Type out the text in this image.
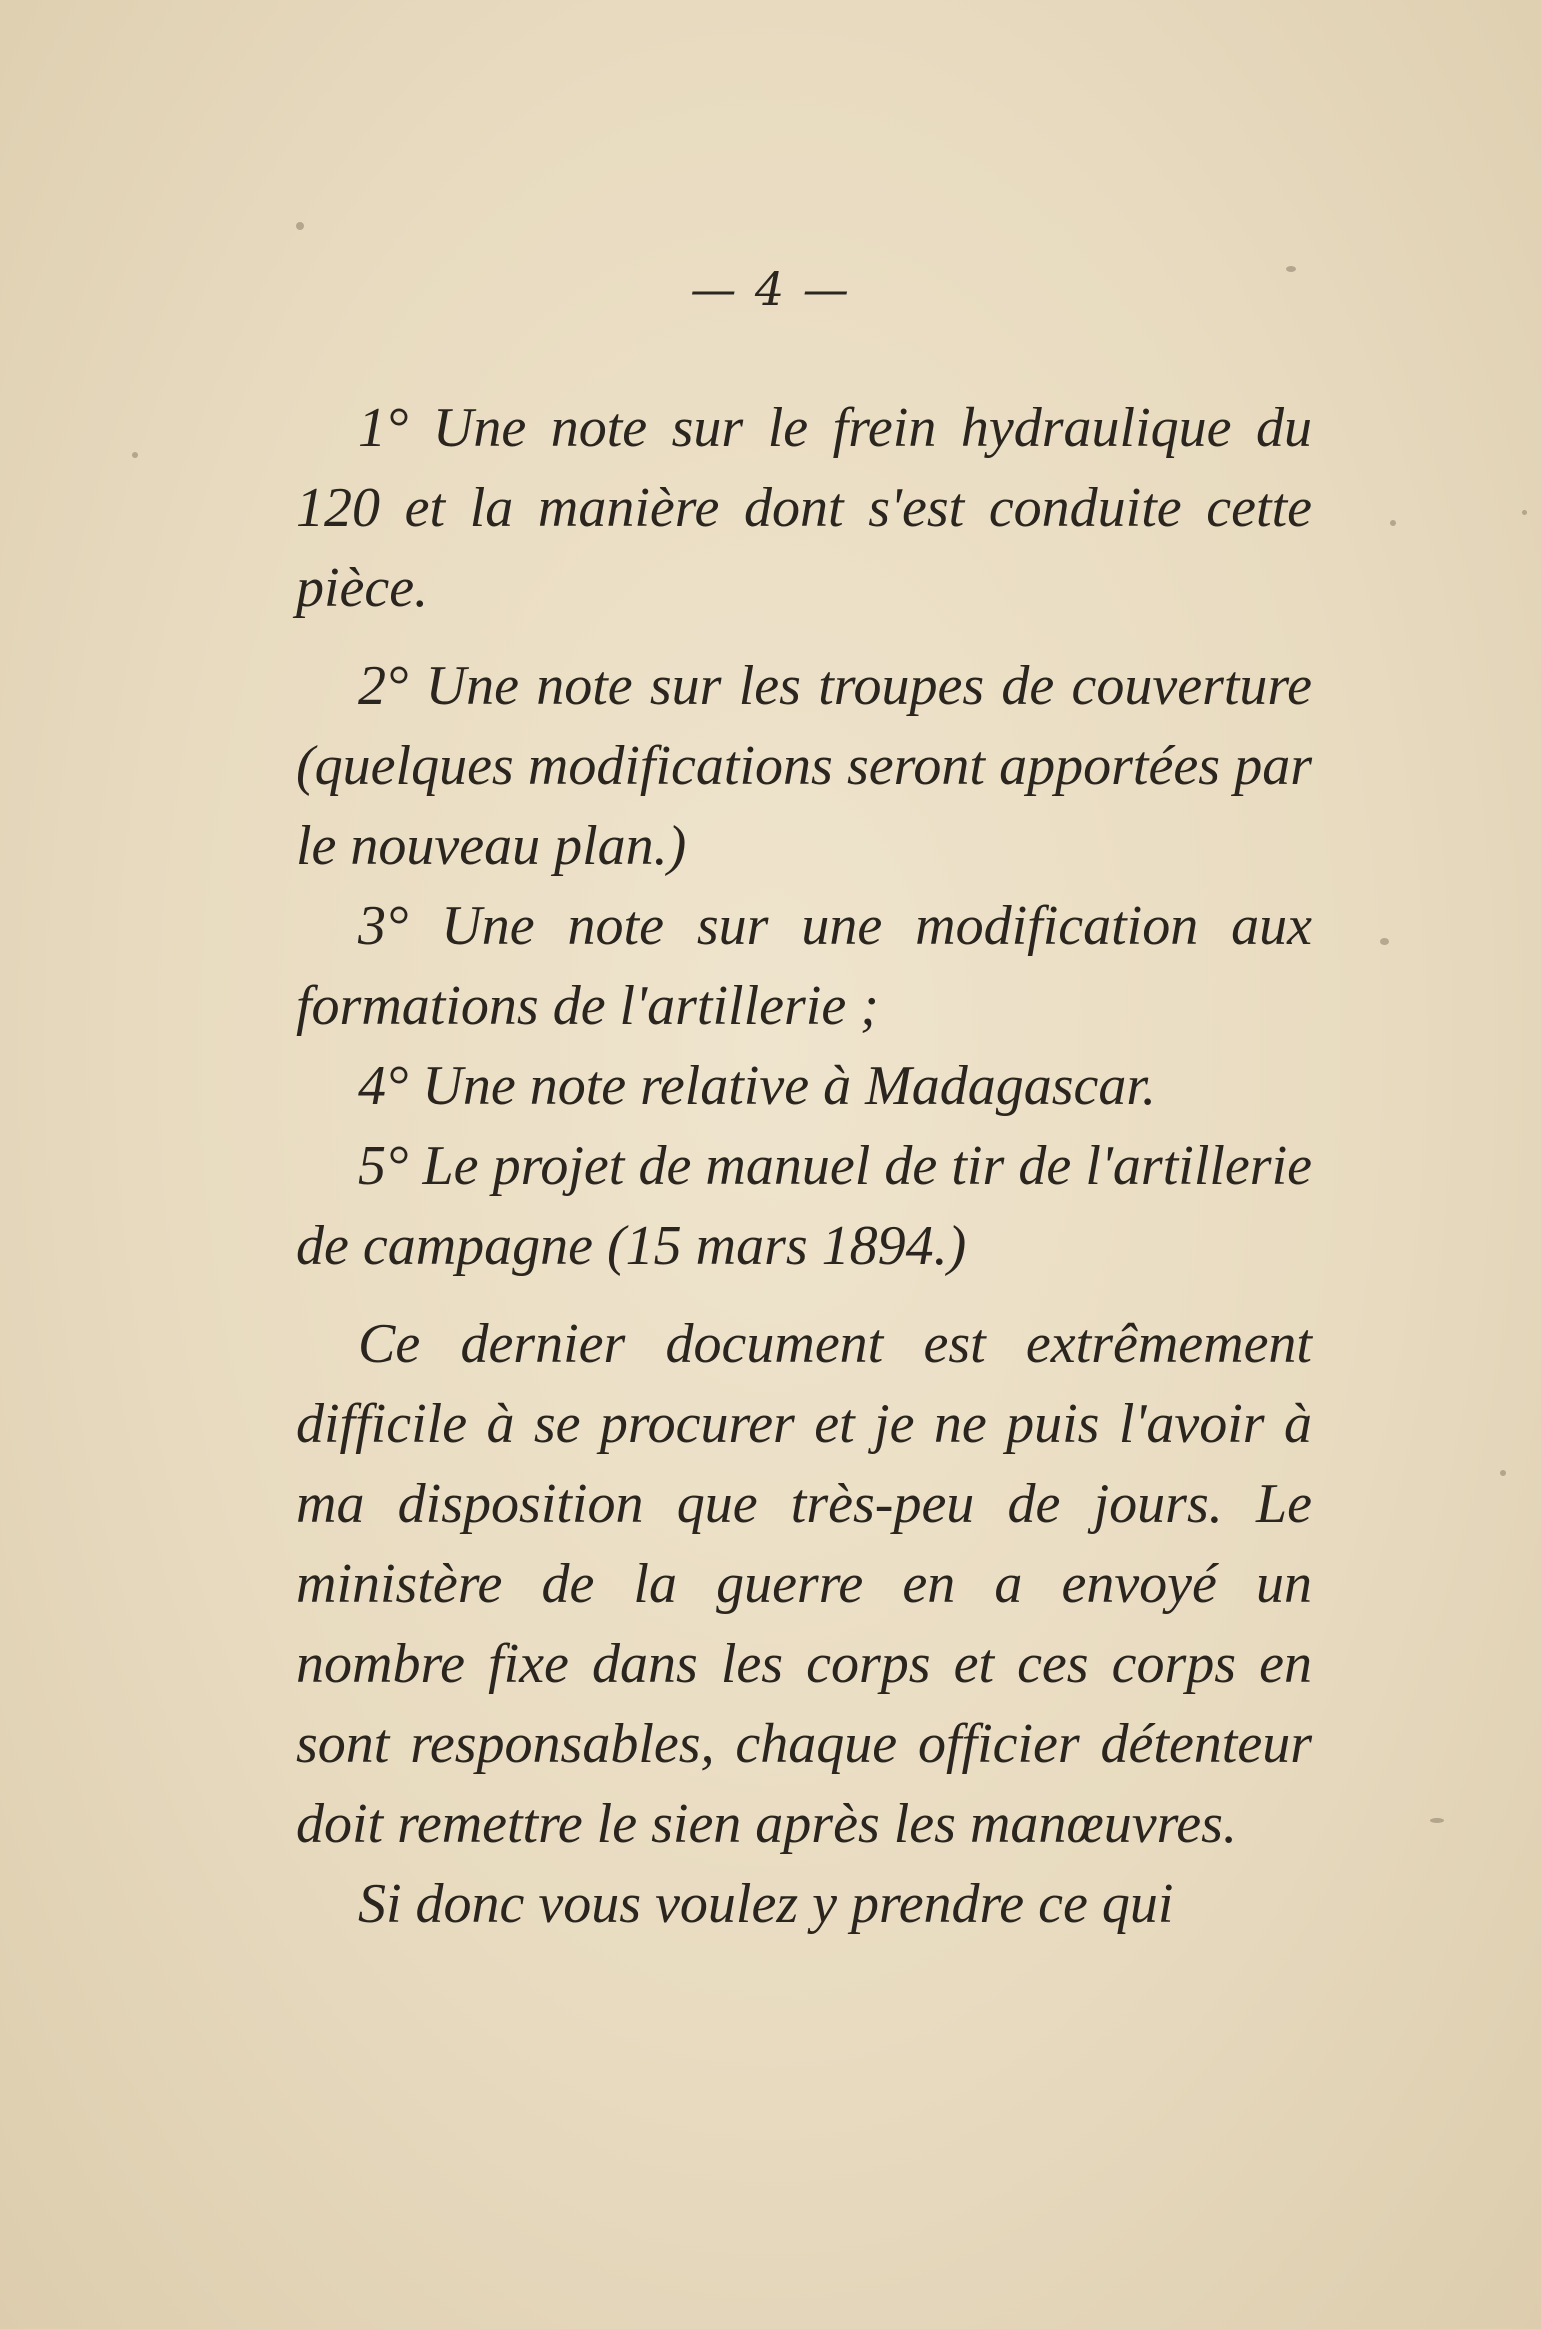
— 4 —

1° Une note sur le frein hydraulique du 120 et la manière dont s'est conduite cette pièce.

2° Une note sur les troupes de couverture (quelques modifications seront apportées par le nouveau plan.)

3° Une note sur une modification aux formations de l'artillerie ;

4° Une note relative à Madagascar.

5° Le projet de manuel de tir de l'artillerie de campagne (15 mars 1894.)

Ce dernier document est extrêmement difficile à se procurer et je ne puis l'avoir à ma disposition que très-peu de jours. Le ministère de la guerre en a envoyé un nombre fixe dans les corps et ces corps en sont responsables, chaque officier détenteur doit remettre le sien après les manœuvres.

Si donc vous voulez y prendre ce qui
